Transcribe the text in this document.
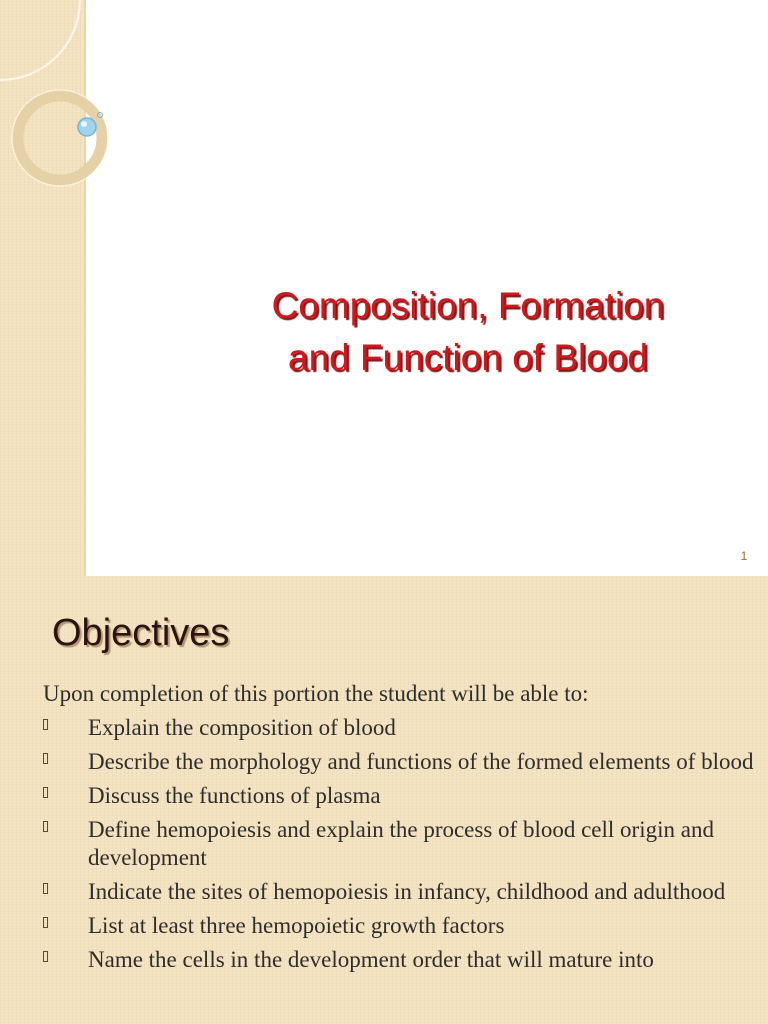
Composition, Formation
and Function of Blood
1
Objectives
Upon completion of this portion the student will be able to:
Explain the composition of blood
Describe the morphology and functions of the formed elements of blood
Discuss the functions of plasma
Define hemopoiesis and explain the process of blood cell origin and development
Indicate the sites of hemopoiesis in infancy, childhood and adulthood
List at least three hemopoietic growth factors
Name the cells in the development order that will mature into
